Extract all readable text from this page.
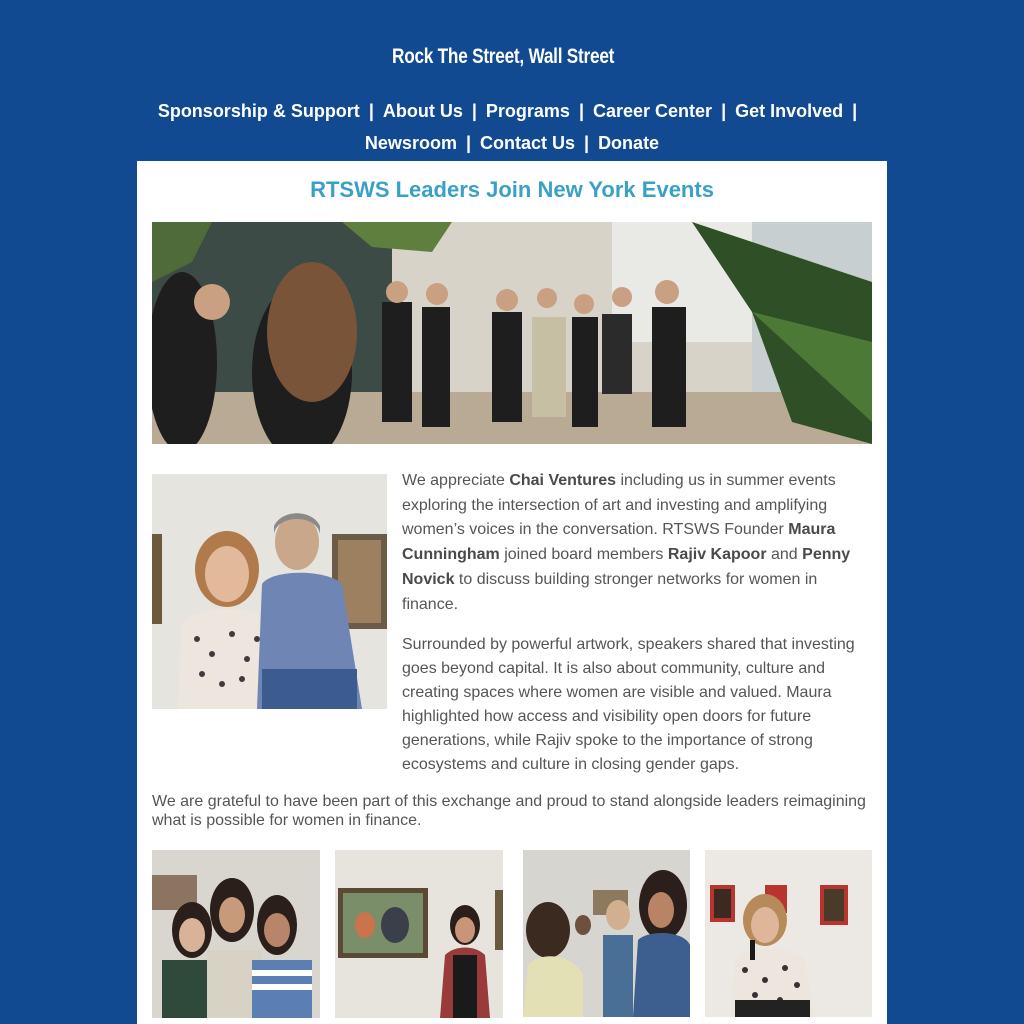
Rock The Street, Wall Street
Sponsorship & Support | About Us | Programs | Career Center | Get Involved |
Newsroom | Contact Us | Donate
RTSWS Leaders Join New York Events

We appreciate Chai Ventures including us in summer events exploring the intersection of art and investing and amplifying women’s voices in the conversation. RTSWS Founder Maura Cunningham joined board members Rajiv Kapoor and Penny Novick to discuss building stronger networks for women in finance.

Surrounded by powerful artwork, speakers shared that investing goes beyond capital. It is also about community, culture and creating spaces where women are visible and valued. Maura highlighted how access and visibility open doors for future generations, while Rajiv spoke to the importance of strong ecosystems and culture in closing gender gaps.

We are grateful to have been part of this exchange and proud to stand alongside leaders reimagining what is possible for women in finance.
